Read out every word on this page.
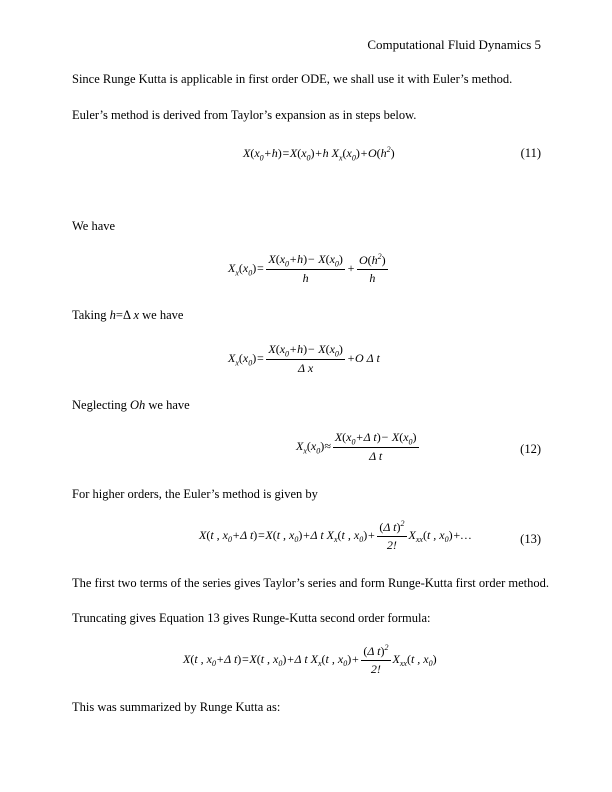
Computational Fluid Dynamics 5
Since Runge Kutta is applicable in first order ODE, we shall use it with Euler’s method.
Euler’s method is derived from Taylor’s expansion as in steps below.
$X(x_0+h)=X(x_0)+h$ $X_x(x_0)+O(h^2)$	(11)
We have
$X_x(x_0)= \frac{X(x_0+h)- X(x_0)}{h} + \frac{O(h^2)}{h}$
Taking h=Δ x we have
$X_x(x_0)= \frac{X(x_0+h)- X(x_0)}{\text{Δ x}} +O$ Δ t
Neglecting Oh we have
$X_x(x_0)\approx \frac{X(x_0+\Delta t)- X(x_0)}{\text{Δ t}}$	(12)
For higher orders, the Euler’s method is given by
X(t , $x_0+\Delta$ t)=X(t , $x_0)+\Delta$ t $X_x(t$ , $x_0)+ \frac{(\Delta t)^2}{2!} X_{xx}(t$ , $x_0)+\dots$	(13)
The first two terms of the series gives Taylor’s series and form Runge-Kutta first order method.
Truncating gives Equation 13 gives Runge-Kutta second order formula:
X(t , $x_0+\Delta$ t)=X(t , $x_0)+\Delta$ t $X_x(t$ , $x_0)+ \frac{(\Delta t)^2}{2!} X_{xx}(t$ , $x_0$)
This was summarized by Runge Kutta as:
